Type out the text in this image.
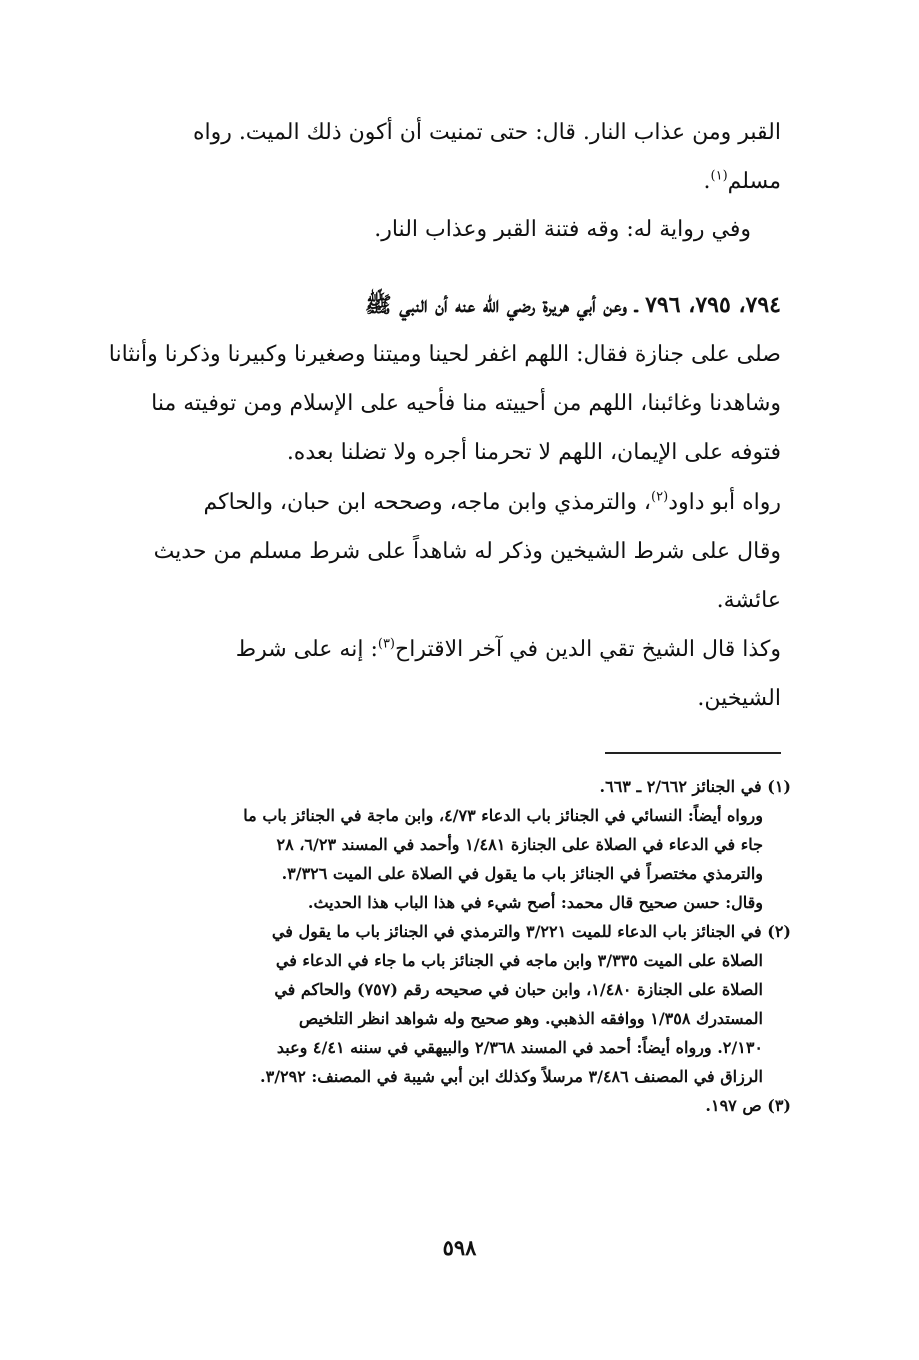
القبر ومن عذاب النار. قال: حتى تمنيت أن أكون ذلك الميت. رواه
مسلم$^{(١)}$.

وفي رواية له: وقه فتنة القبر وعذاب النار.
٧٩٤، ٧٩٥، ٧٩٦ ـ وعن أبي هريرة رضي الله عنه أن النبي ﷺ
صلى على جنازة فقال: اللهم اغفر لحينا وميتنا وصغيرنا وكبيرنا وذكرنا وأنثانا
وشاهدنا وغائبنا، اللهم من أحييته منا فأحيه على الإسلام ومن توفيته منا
فتوفه على الإيمان، اللهم لا تحرمنا أجره ولا تضلنا بعده.
رواه أبو داود$^{(٢)}$، والترمذي وابن ماجه، وصححه ابن حبان، والحاكم
وقال على شرط الشيخين وذكر له شاهداً على شرط مسلم من حديث
عائشة.
وكذا قال الشيخ تقي الدين في آخر الاقتراح$^{(٣)}$: إنه على شرط
الشيخين.
(١) في الجنائز ٢/٦٦٢ ـ ٦٦٣.
ورواه أيضاً: النسائي في الجنائز باب الدعاء ٤/٧٣، وابن ماجة في الجنائز باب ما
جاء في الدعاء في الصلاة على الجنازة ١/٤٨١ وأحمد في المسند ٦/٢٣، ٢٨
والترمذي مختصراً في الجنائز باب ما يقول في الصلاة على الميت ٣/٣٢٦.
وقال: حسن صحيح قال محمد: أصح شيء في هذا الباب هذا الحديث.
(٢) في الجنائز باب الدعاء للميت ٣/٢٢١ والترمذي في الجنائز باب ما يقول في
الصلاة على الميت ٣/٣٣٥ وابن ماجه في الجنائز باب ما جاء في الدعاء في
الصلاة على الجنازة ١/٤٨٠، وابن حبان في صحيحه رقم (٧٥٧) والحاكم في
المستدرك ١/٣٥٨ ووافقه الذهبي. وهو صحيح وله شواهد انظر التلخيص
٢/١٣٠. ورواه أيضاً: أحمد في المسند ٢/٣٦٨ والبيهقي في سننه ٤/٤١ وعبد
الرزاق في المصنف ٣/٤٨٦ مرسلاً وكذلك ابن أبي شيبة في المصنف: ٣/٢٩٢.
(٣) ص ١٩٧.
٥٩٨
